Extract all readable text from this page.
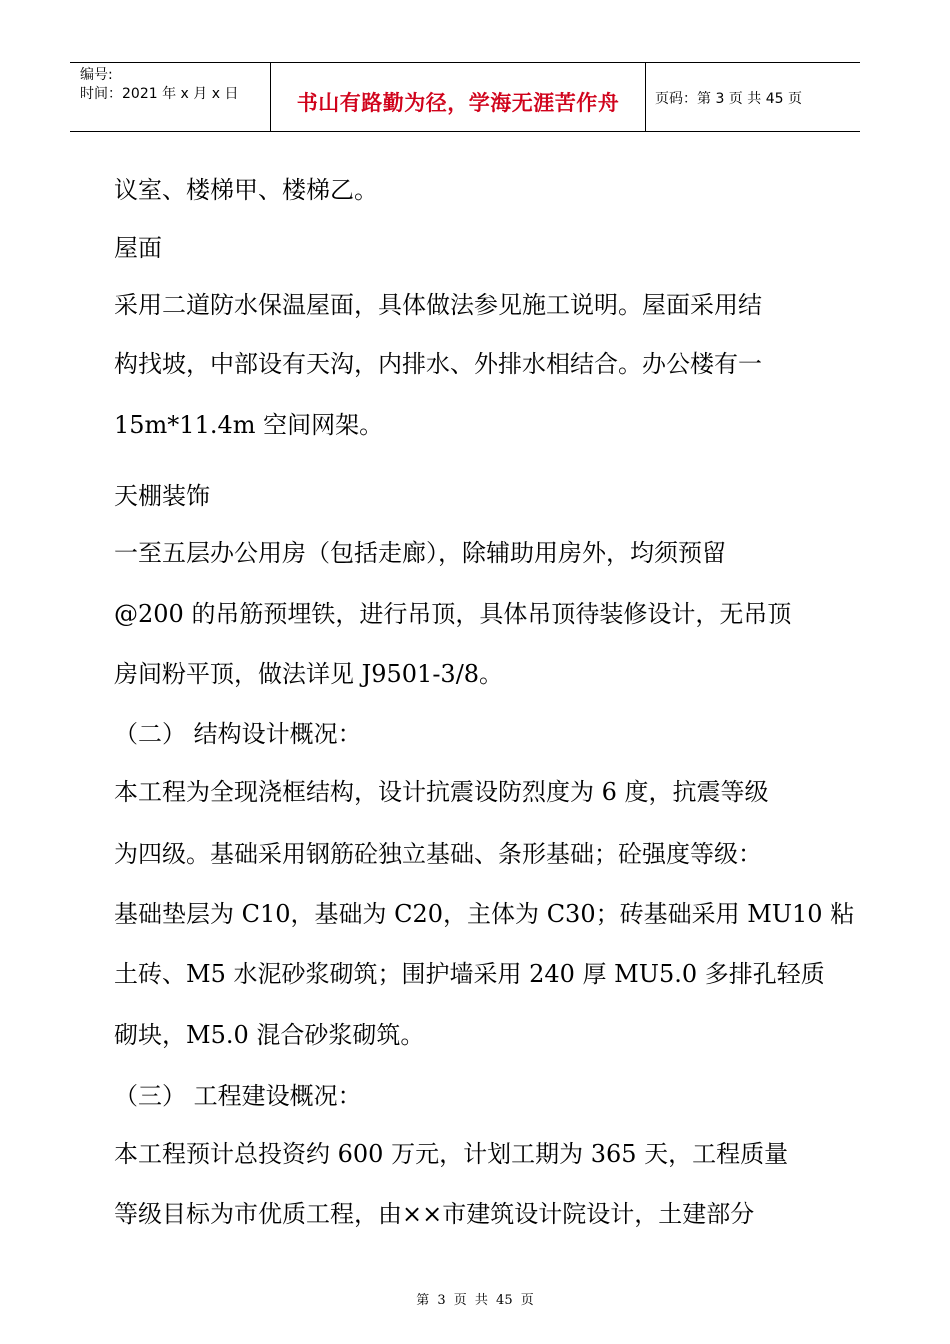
编号:
时间：2021 年 x 月 x 日	书山有路勤为径，学海无涯苦作舟	页码：第 3 页 共 45 页
议室、楼梯甲、楼梯乙。
屋面
采用二道防水保温屋面，具体做法参见施工说明。屋面采用结
构找坡，中部设有天沟，内排水、外排水相结合。办公楼有一
15m*11.4m 空间网架。
天棚装饰
一至五层办公用房（包括走廊），除辅助用房外，均须预留
@200 的吊筋预埋铁，进行吊顶，具体吊顶待装修设计，无吊顶
房间粉平顶，做法详见 J9501-3/8。
（二） 结构设计概况：
本工程为全现浇框结构，设计抗震设防烈度为 6 度，抗震等级
为四级。基础采用钢筋砼独立基础、条形基础；砼强度等级：
基础垫层为 C10，基础为 C20，主体为 C30；砖基础采用 MU10 粘
土砖、M5 水泥砂浆砌筑；围护墙采用 240 厚 MU5.0 多排孔轻质
砌块，M5.0 混合砂浆砌筑。
（三） 工程建设概况：
本工程预计总投资约 600 万元，计划工期为 365 天，工程质量
等级目标为市优质工程，由××市建筑设计院设计，土建部分
第 3 页 共 45 页
